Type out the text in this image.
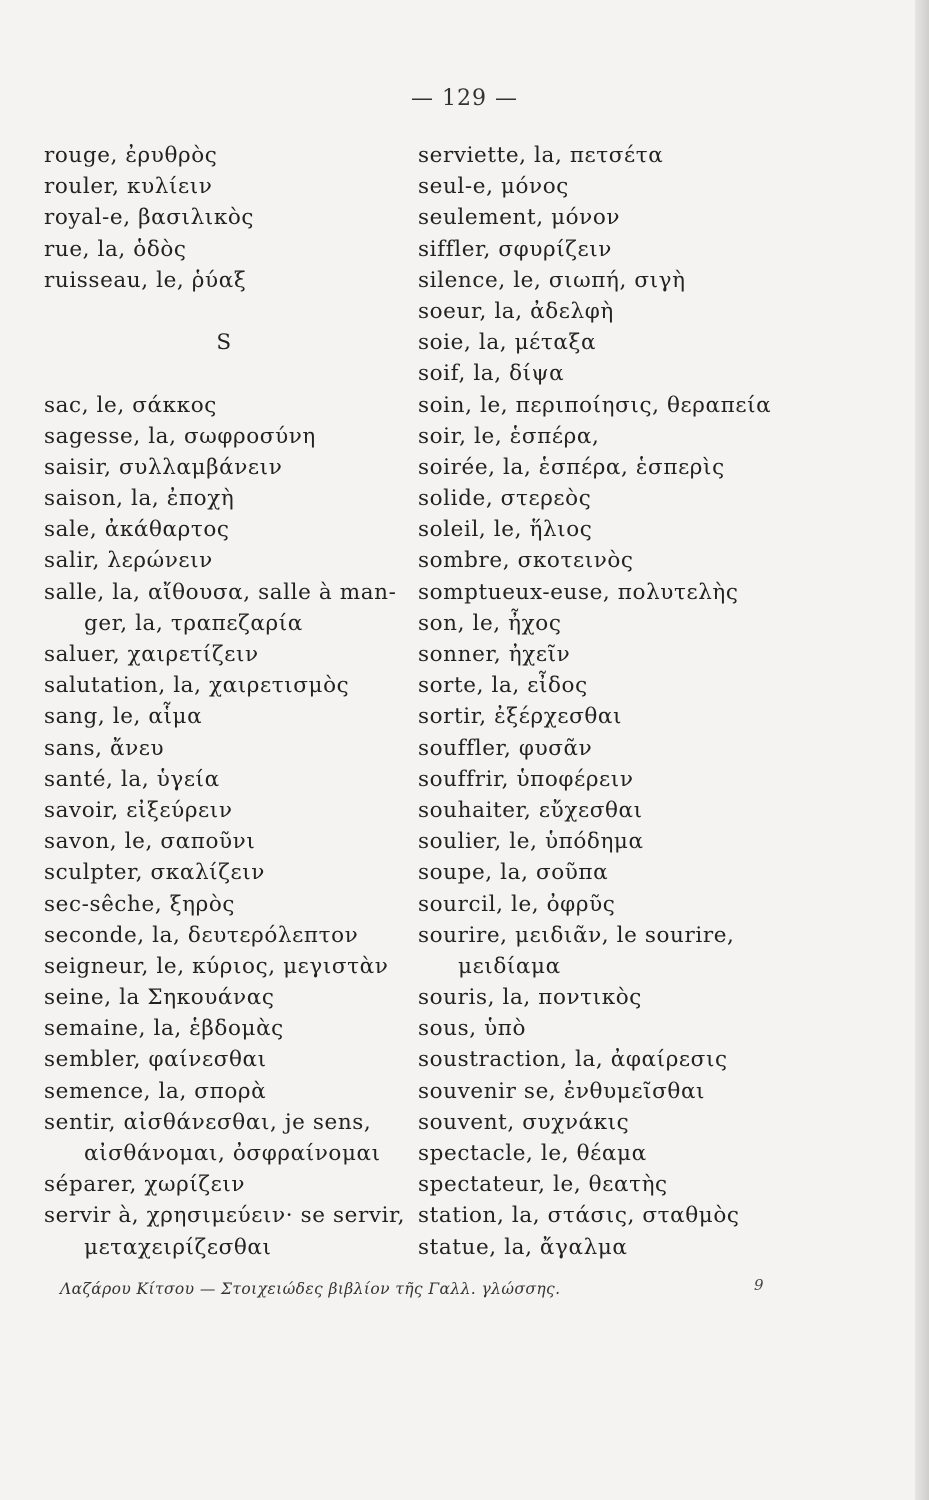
— 129 —
rouge, ἐρυθρὸς
rouler, κυλίειν
royal-e, βασιλικὸς
rue, la, ὁδὸς
ruisseau, le, ῥύαξ
S
sac, le, σάκκος
sagesse, la, σωφροσύνη
saisir, συλλαμβάνειν
saison, la, ἐποχὴ
sale, ἀκάθαρτος
salir, λερώνειν
salle, la, αἴθουσα, salle à man-
ger, la, τραπεζαρία
saluer, χαιρετίζειν
salutation, la, χαιρετισμὸς
sang, le, αἷμα
sans, ἄνευ
santé, la, ὑγεία
savoir, εἰξεύρειν
savon, le, σαποῦνι
sculpter, σκαλίζειν
sec-sêche, ξηρὸς
seconde, la, δευτερόλεπτον
seigneur, le, κύριος, μεγιστὰν
seine, la Σηκουάνας
semaine, la, ἑβδομὰς
sembler, φαίνεσθαι
semence, la, σπορὰ
sentir, αἰσθάνεσθαι, je sens,
αἰσθάνομαι, ὀσφραίνομαι
séparer, χωρίζειν
servir à, χρησιμεύειν· se servir,
μεταχειρίζεσθαι
serviette, la, πετσέτα
seul-e, μόνος
seulement, μόνον
siffler, σφυρίζειν
silence, le, σιωπή, σιγὴ
soeur, la, ἀδελφὴ
soie, la, μέταξα
soif, la, δίψα
soin, le, περιποίησις, θεραπεία
soir, le, ἑσπέρα,
soirée, la, ἑσπέρα, ἑσπερὶς
solide, στερεὸς
soleil, le, ἥλιος
sombre, σκοτεινὸς
somptueux-euse, πολυτελὴς
son, le, ἦχος
sonner, ἠχεῖν
sorte, la, εἶδος
sortir, ἐξέρχεσθαι
souffler, φυσᾶν
souffrir, ὑποφέρειν
souhaiter, εὔχεσθαι
soulier, le, ὑπόδημα
soupe, la, σοῦπα
sourcil, le, ὀφρῦς
sourire, μειδιᾶν, le sourire,
μειδίαμα
souris, la, ποντικὸς
sous, ὑπὸ
soustraction, la, ἀφαίρεσις
souvenir se, ἐνθυμεῖσθαι
souvent, συχνάκις
spectacle, le, θέαμα
spectateur, le, θεατὴς
station, la, στάσις, σταθμὸς
statue, la, ἄγαλμα
Λαζάρου Κίτσου — Στοιχειώδες βιβλίον τῆς Γαλλ. γλώσσης.	9
